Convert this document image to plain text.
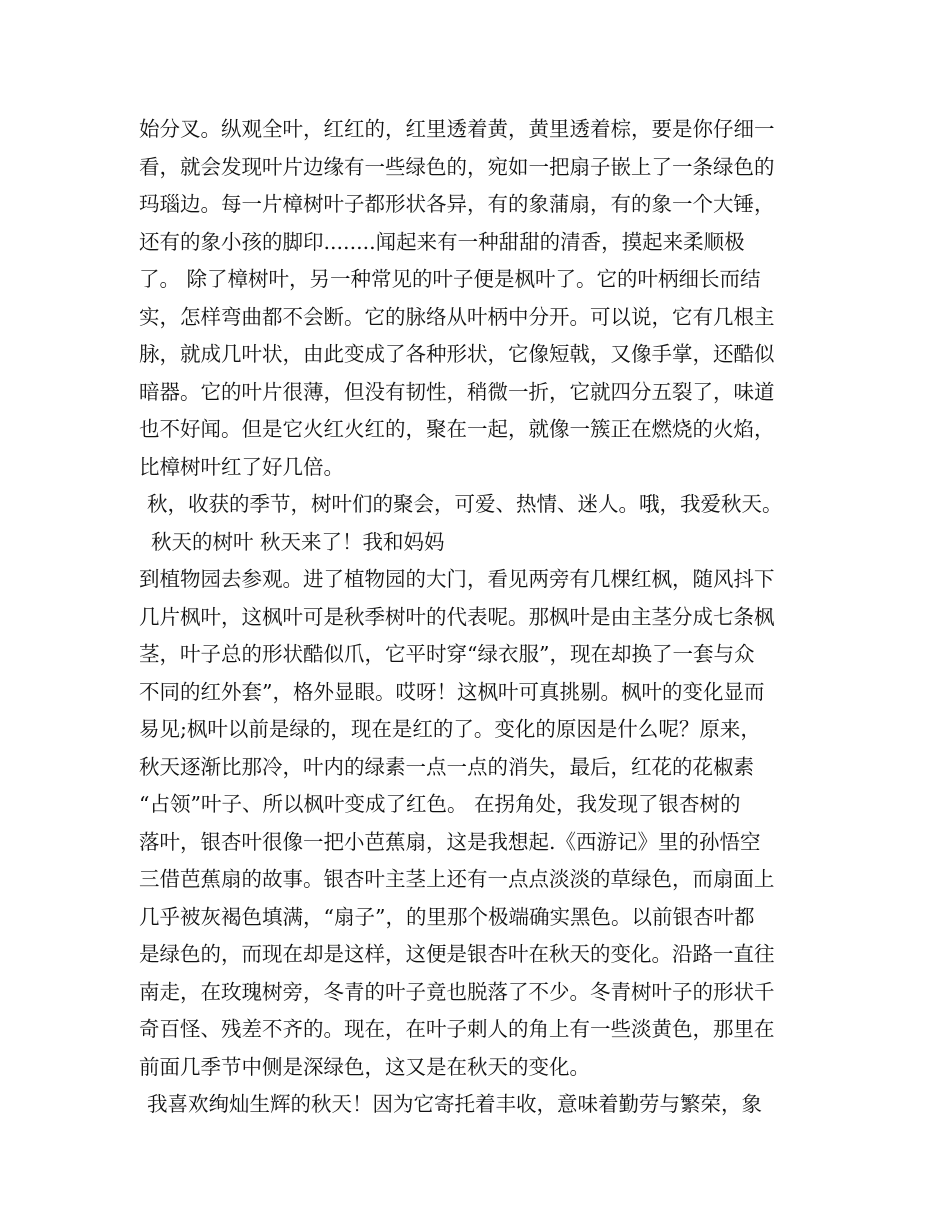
始分叉。纵观全叶，红红的，红里透着黄，黄里透着棕，要是你仔细一
看，就会发现叶片边缘有一些绿色的，宛如一把扇子嵌上了一条绿色的
玛瑙边。每一片樟树叶子都形状各异，有的象蒲扇，有的象一个大锤，
还有的象小孩的脚印........闻起来有一种甜甜的清香，摸起来柔顺极
了。 除了樟树叶，另一种常见的叶子便是枫叶了。它的叶柄细长而结
实，怎样弯曲都不会断。它的脉络从叶柄中分开。可以说，它有几根主
脉，就成几叶状，由此变成了各种形状，它像短戟，又像手掌，还酷似
暗器。它的叶片很薄，但没有韧性，稍微一折，它就四分五裂了，味道
也不好闻。但是它火红火红的，聚在一起，就像一簇正在燃烧的火焰，
比樟树叶红了好几倍。
秋，收获的季节，树叶们的聚会，可爱、热情、迷人。哦，我爱秋天。
秋天的树叶 秋天来了！我和妈妈
到植物园去参观。进了植物园的大门，看见两旁有几棵红枫，随风抖下
几片枫叶，这枫叶可是秋季树叶的代表呢。那枫叶是由主茎分成七条枫
茎，叶子总的形状酷似爪，它平时穿“绿衣服”，现在却换了一套与众
不同的红外套”，格外显眼。哎呀！这枫叶可真挑剔。枫叶的变化显而
易见;枫叶以前是绿的，现在是红的了。变化的原因是什么呢？原来，
秋天逐渐比那冷，叶内的绿素一点一点的消失，最后，红花的花椒素
“占领”叶子、所以枫叶变成了红色。 在拐角处，我发现了银杏树的
落叶，银杏叶很像一把小芭蕉扇，这是我想起.《西游记》里的孙悟空
三借芭蕉扇的故事。银杏叶主茎上还有一点点淡淡的草绿色，而扇面上
几乎被灰褐色填满，“扇子”，的里那个极端确实黑色。以前银杏叶都
是绿色的，而现在却是这样，这便是银杏叶在秋天的变化。沿路一直往
南走，在玫瑰树旁，冬青的叶子竟也脱落了不少。冬青树叶子的形状千
奇百怪、残差不齐的。现在，在叶子刺人的角上有一些淡黄色，那里在
前面几季节中侧是深绿色，这又是在秋天的变化。
我喜欢绚灿生辉的秋天！因为它寄托着丰收，意味着勤劳与繁荣，象
